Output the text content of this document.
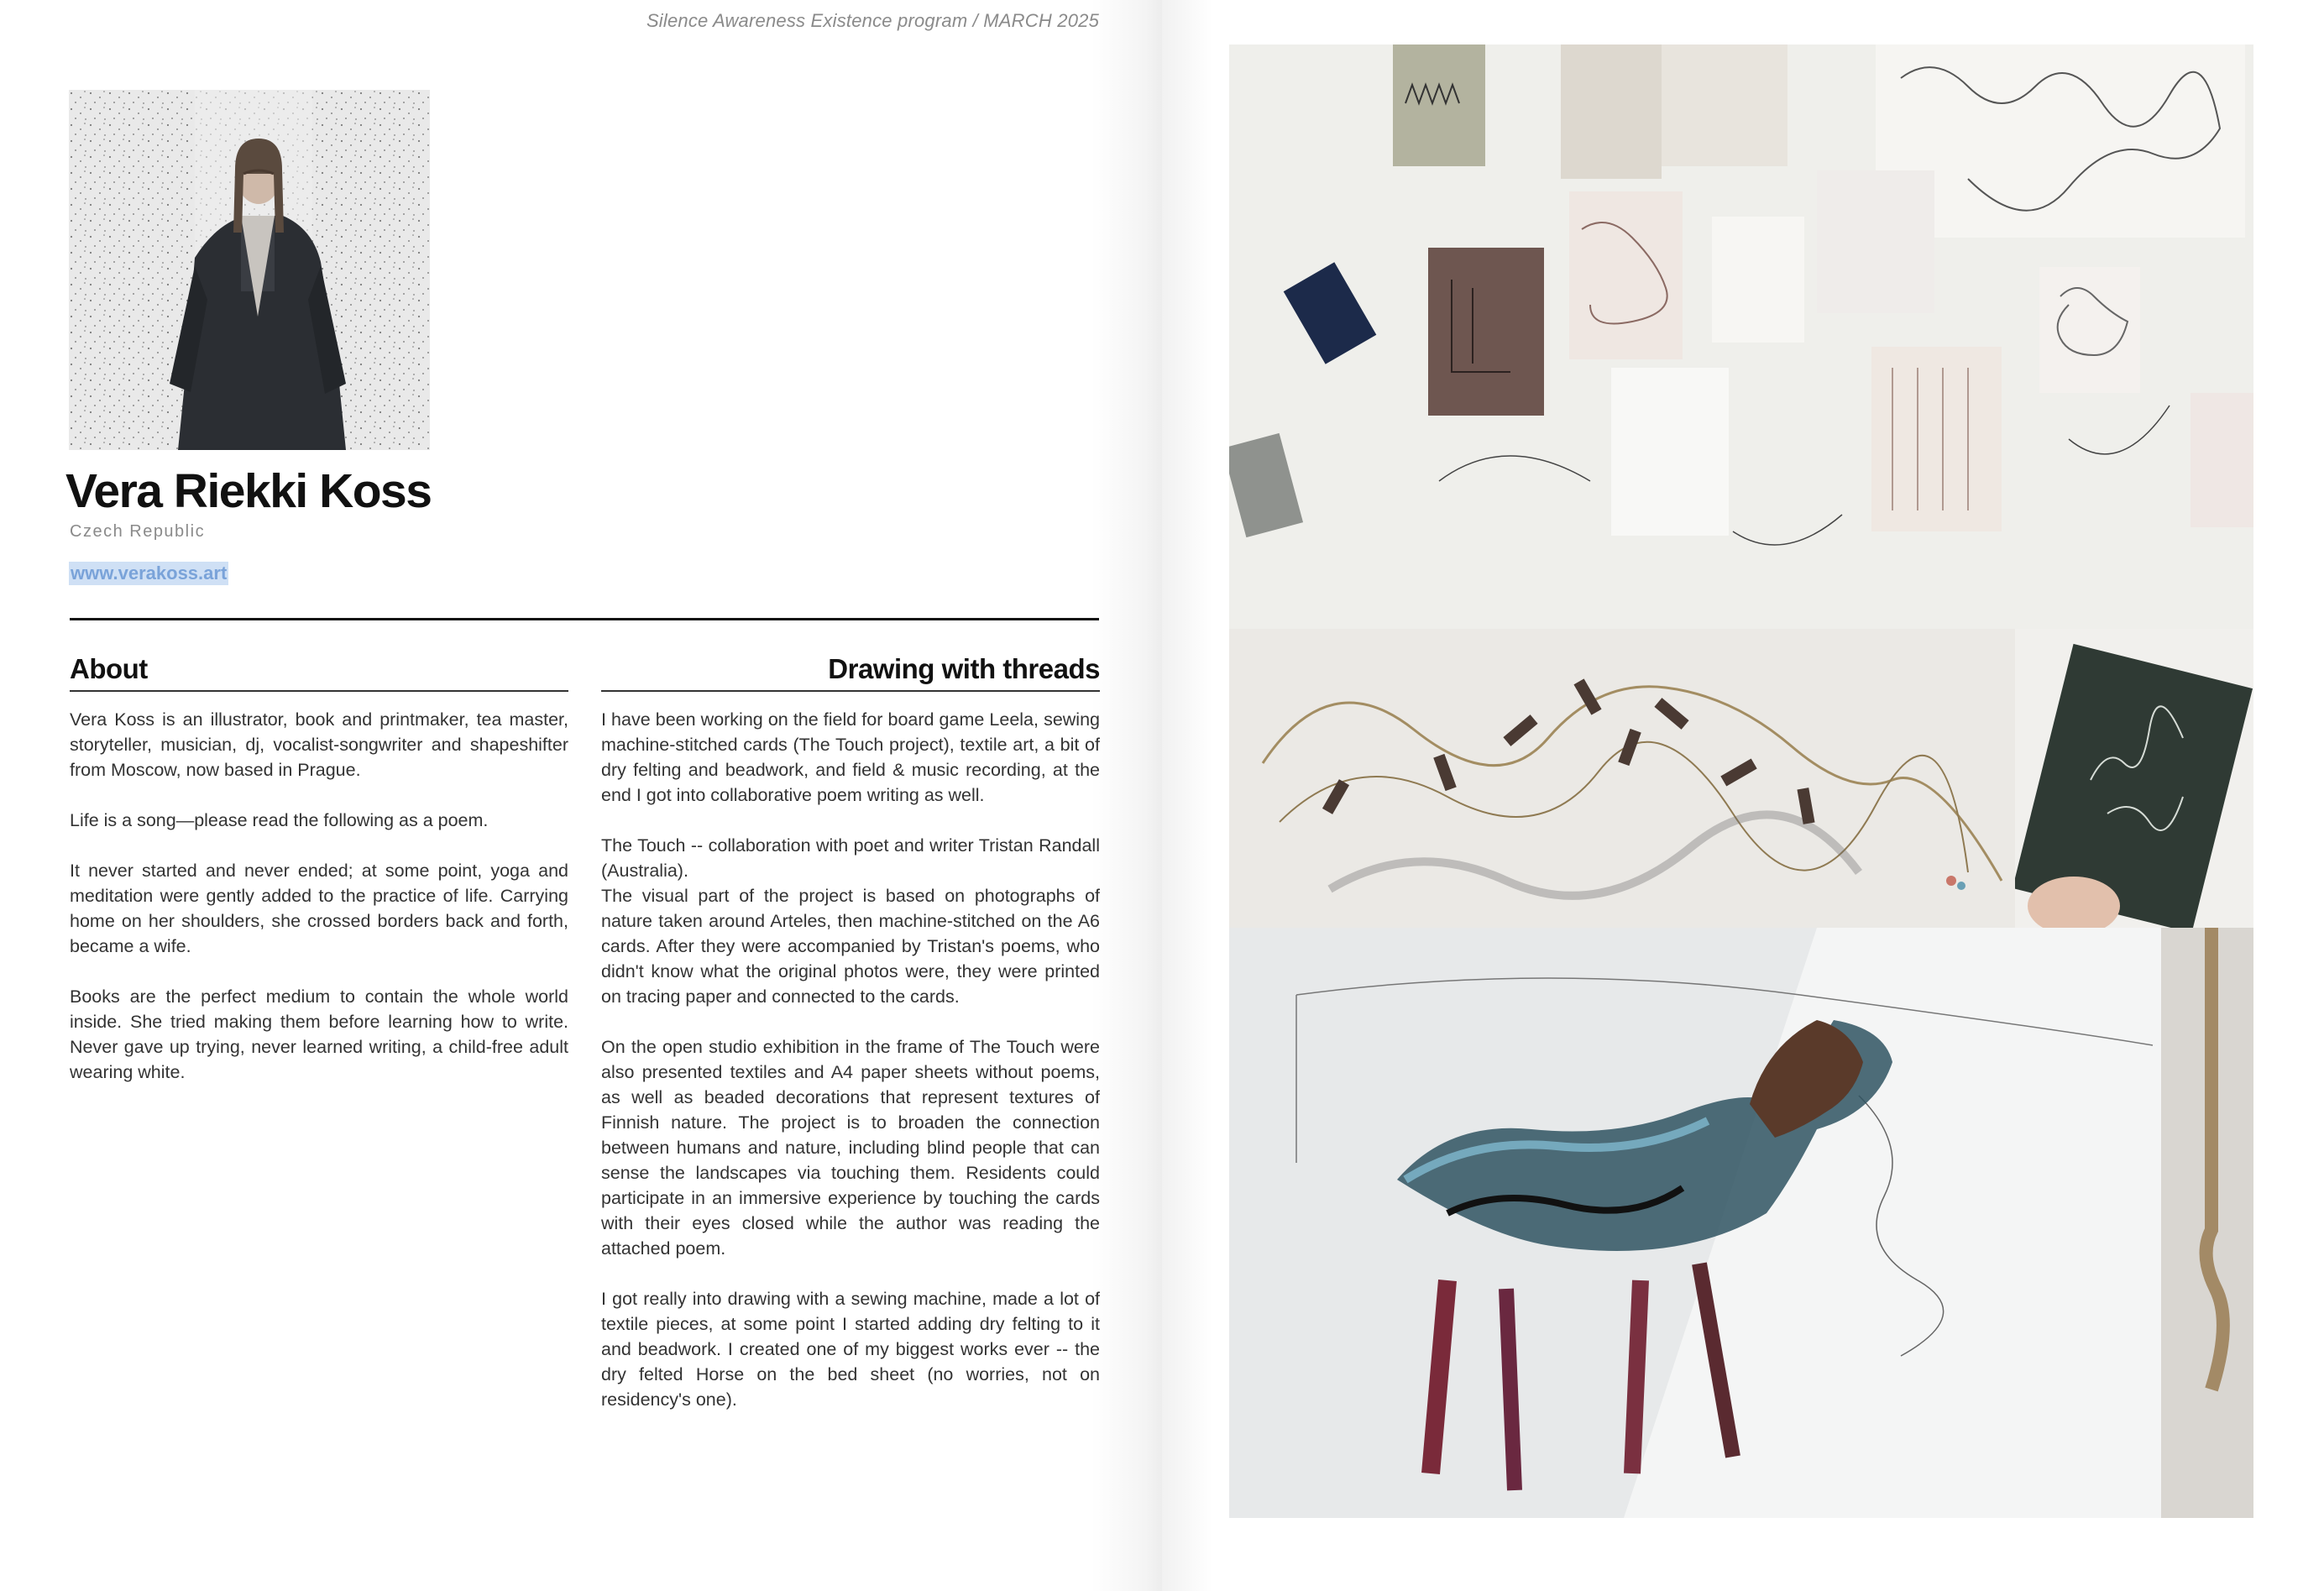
Silence Awareness Existence program / MARCH 2025
Vera Riekki Koss
Czech Republic
www.verakoss.art
About

Vera Koss is an illustrator, book and printmaker, tea master, storyteller, musician, dj, vocalist-songwriter and shapeshifter from Moscow, now based in Prague.

Life is a song—please read the following as a poem.

It never started and never ended; at some point, yoga and meditation were gently added to the practice of life. Carrying home on her shoulders, she crossed borders back and forth, became a wife.

Books are the perfect medium to contain the whole world inside. She tried making them before learning how to write. Never gave up trying, never learned writing, a child-free adult wearing white.

Drawing with threads

I have been working on the field for board game Leela, sewing machine-stitched cards (The Touch project), textile art, a bit of dry felting and beadwork, and field & music recording, at the end I got into collaborative poem writing as well.

The Touch -- collaboration with poet and writer Tristan Randall (Australia).

The visual part of the project is based on photographs of nature taken around Arteles, then machine-stitched on the A6 cards. After they were accompanied by Tristan's poems, who didn't know what the original photos were, they were printed on tracing paper and connected to the cards.

On the open studio exhibition in the frame of The Touch were also presented textiles and A4 paper sheets without poems, as well as beaded decorations that represent textures of Finnish nature. The project is to broaden the connection between humans and nature, including blind people that can sense the landscapes via touching them. Residents could participate in an immersive experience by touching the cards with their eyes closed while the author was reading the attached poem.

I got really into drawing with a sewing machine, made a lot of textile pieces, at some point I started adding dry felting to it and beadwork. I created one of my biggest works ever -- the dry felted Horse on the bed sheet (no worries, not on residency's one).
